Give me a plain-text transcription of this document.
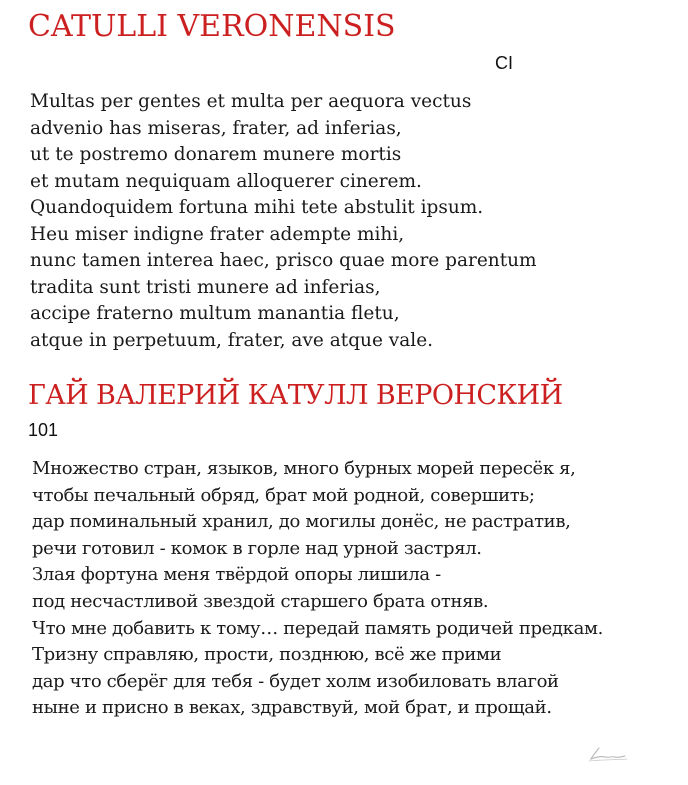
CATULLI VERONENSIS
CI
Multas per gentes et multa per aequora vectus
advenio has miseras, frater, ad inferias,
ut te postremo donarem munere mortis
et mutam nequiquam alloquerer cinerem.
Quandoquidem fortuna mihi tete abstulit ipsum.
Heu miser indigne frater adempte mihi,
nunc tamen interea haec, prisco quae more parentum
tradita sunt tristi munere ad inferias,
accipe fraterno multum manantia fletu,
atque in perpetuum, frater, ave atque vale.
ГАЙ ВАЛЕРИЙ КАТУЛЛ ВЕРОНСКИЙ
101
Множество стран, языков, много бурных морей пересёк я,
чтобы печальный обряд, брат мой родной, совершить;
дар поминальный хранил, до могилы донёс, не растратив,
речи готовил - комок в горле над урной застрял.
Злая фортуна меня твёрдой опоры лишила -
под несчастливой звездой старшего брата отняв.
Что мне добавить к тому… передай память родичей предкам.
Тризну справляю, прости, позднюю, всё же прими
дар что сберёг для тебя - будет холм изобиловать влагой
ныне и присно в веках, здравствуй, мой брат, и прощай.
